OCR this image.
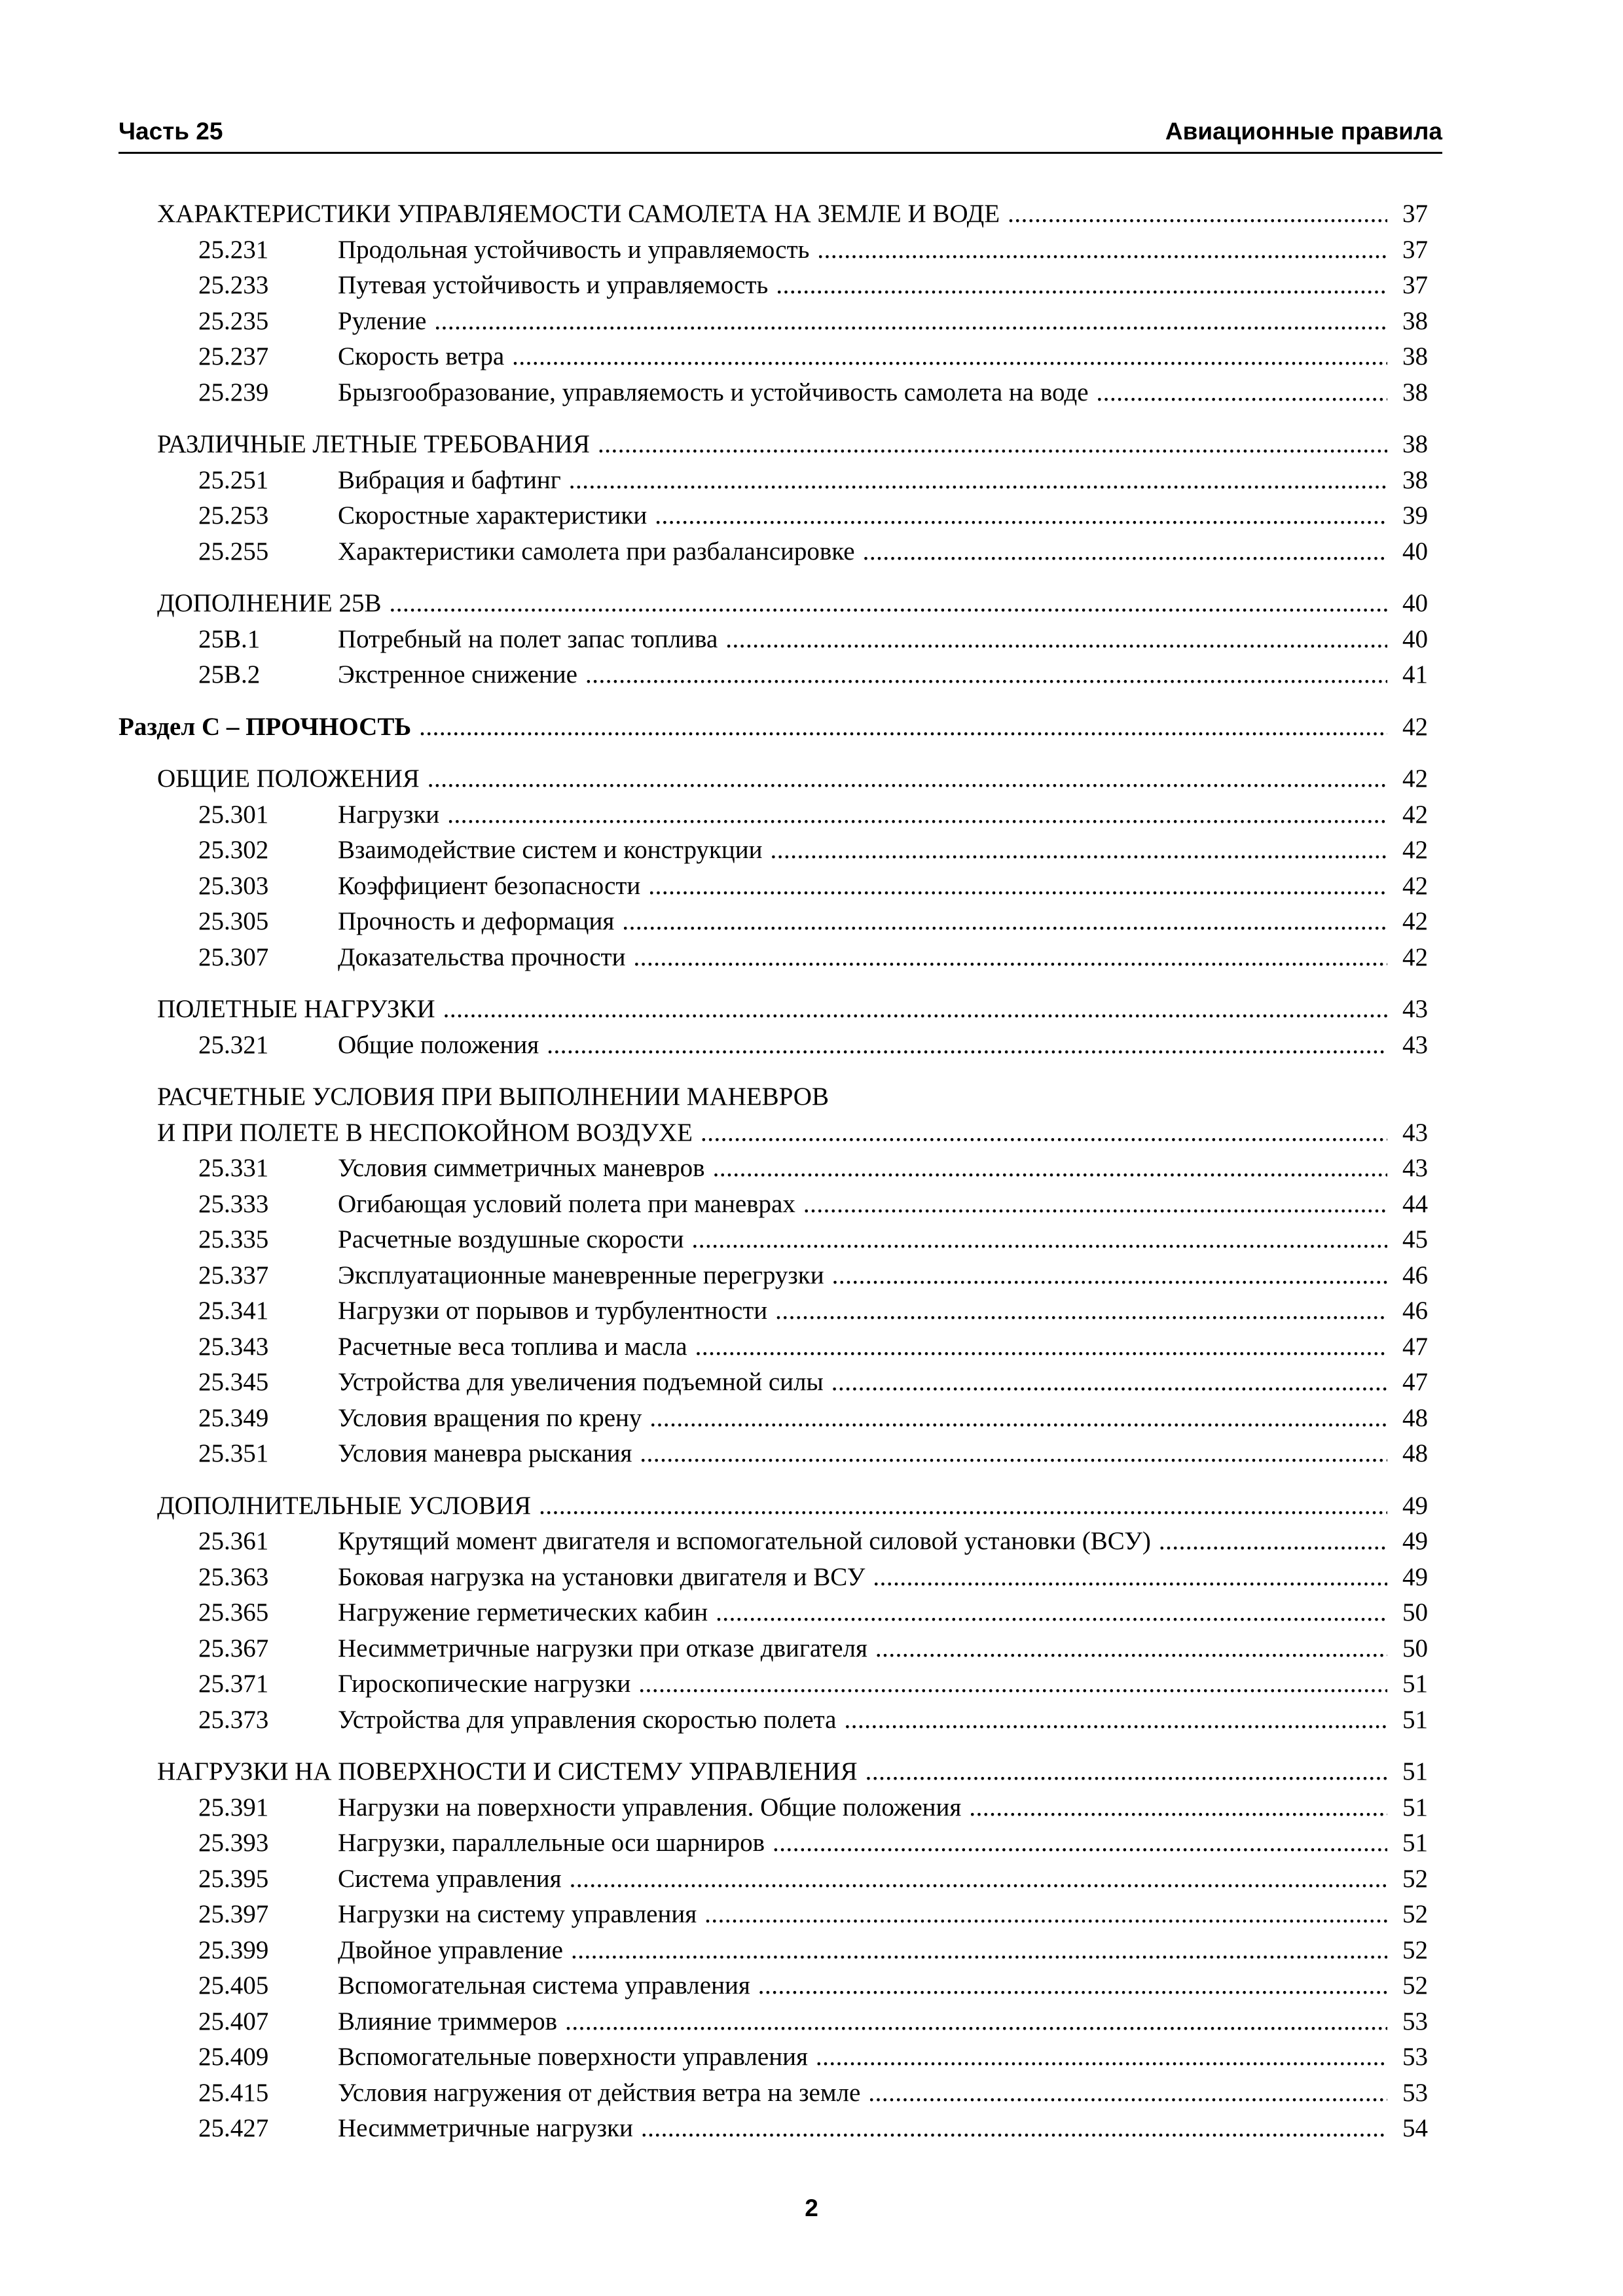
Часть 25	Авиационные правила
ХАРАКТЕРИСТИКИ УПРАВЛЯЕМОСТИ САМОЛЕТА НА ЗЕМЛЕ И ВОДЕ .....	37
25.231	Продольная устойчивость и управляемость .....	37
25.233	Путевая устойчивость и управляемость .....	37
25.235	Руление .....	38
25.237	Скорость ветра .....	38
25.239	Брызгообразование, управляемость и устойчивость самолета на воде .....	38
РАЗЛИЧНЫЕ ЛЕТНЫЕ ТРЕБОВАНИЯ .....	38
25.251	Вибрация и бафтинг .....	38
25.253	Скоростные характеристики .....	39
25.255	Характеристики самолета при разбалансировке .....	40
ДОПОЛНЕНИЕ 25В .....	40
25В.1	Потребный на полет запас топлива .....	40
25В.2	Экстренное снижение .....	41
Раздел С – ПРОЧНОСТЬ .....	42
ОБЩИЕ ПОЛОЖЕНИЯ .....	42
25.301	Нагрузки .....	42
25.302	Взаимодействие систем и конструкции .....	42
25.303	Коэффициент безопасности .....	42
25.305	Прочность и деформация .....	42
25.307	Доказательства прочности .....	42
ПОЛЕТНЫЕ НАГРУЗКИ .....	43
25.321	Общие положения .....	43
РАСЧЕТНЫЕ УСЛОВИЯ ПРИ ВЫПОЛНЕНИИ МАНЕВРОВ
И ПРИ ПОЛЕТЕ В НЕСПОКОЙНОМ ВОЗДУХЕ .....	43
25.331	Условия симметричных маневров .....	43
25.333	Огибающая условий полета при маневрах .....	44
25.335	Расчетные воздушные скорости .....	45
25.337	Эксплуатационные маневренные перегрузки .....	46
25.341	Нагрузки от порывов и турбулентности .....	46
25.343	Расчетные веса топлива и масла .....	47
25.345	Устройства для увеличения подъемной силы .....	47
25.349	Условия вращения по крену .....	48
25.351	Условия маневра рыскания .....	48
ДОПОЛНИТЕЛЬНЫЕ УСЛОВИЯ .....	49
25.361	Крутящий момент двигателя и вспомогательной силовой установки (ВСУ) .....	49
25.363	Боковая нагрузка на установки двигателя и ВСУ .....	49
25.365	Нагружение герметических кабин .....	50
25.367	Несимметричные нагрузки при отказе двигателя .....	50
25.371	Гироскопические нагрузки .....	51
25.373	Устройства для управления скоростью полета .....	51
НАГРУЗКИ НА ПОВЕРХНОСТИ И СИСТЕМУ УПРАВЛЕНИЯ .....	51
25.391	Нагрузки на поверхности управления. Общие положения .....	51
25.393	Нагрузки, параллельные оси шарниров .....	51
25.395	Система управления .....	52
25.397	Нагрузки на систему управления .....	52
25.399	Двойное управление .....	52
25.405	Вспомогательная система управления .....	52
25.407	Влияние триммеров .....	53
25.409	Вспомогательные поверхности управления .....	53
25.415	Условия нагружения от действия ветра на земле .....	53
25.427	Несимметричные нагрузки .....	54
2
